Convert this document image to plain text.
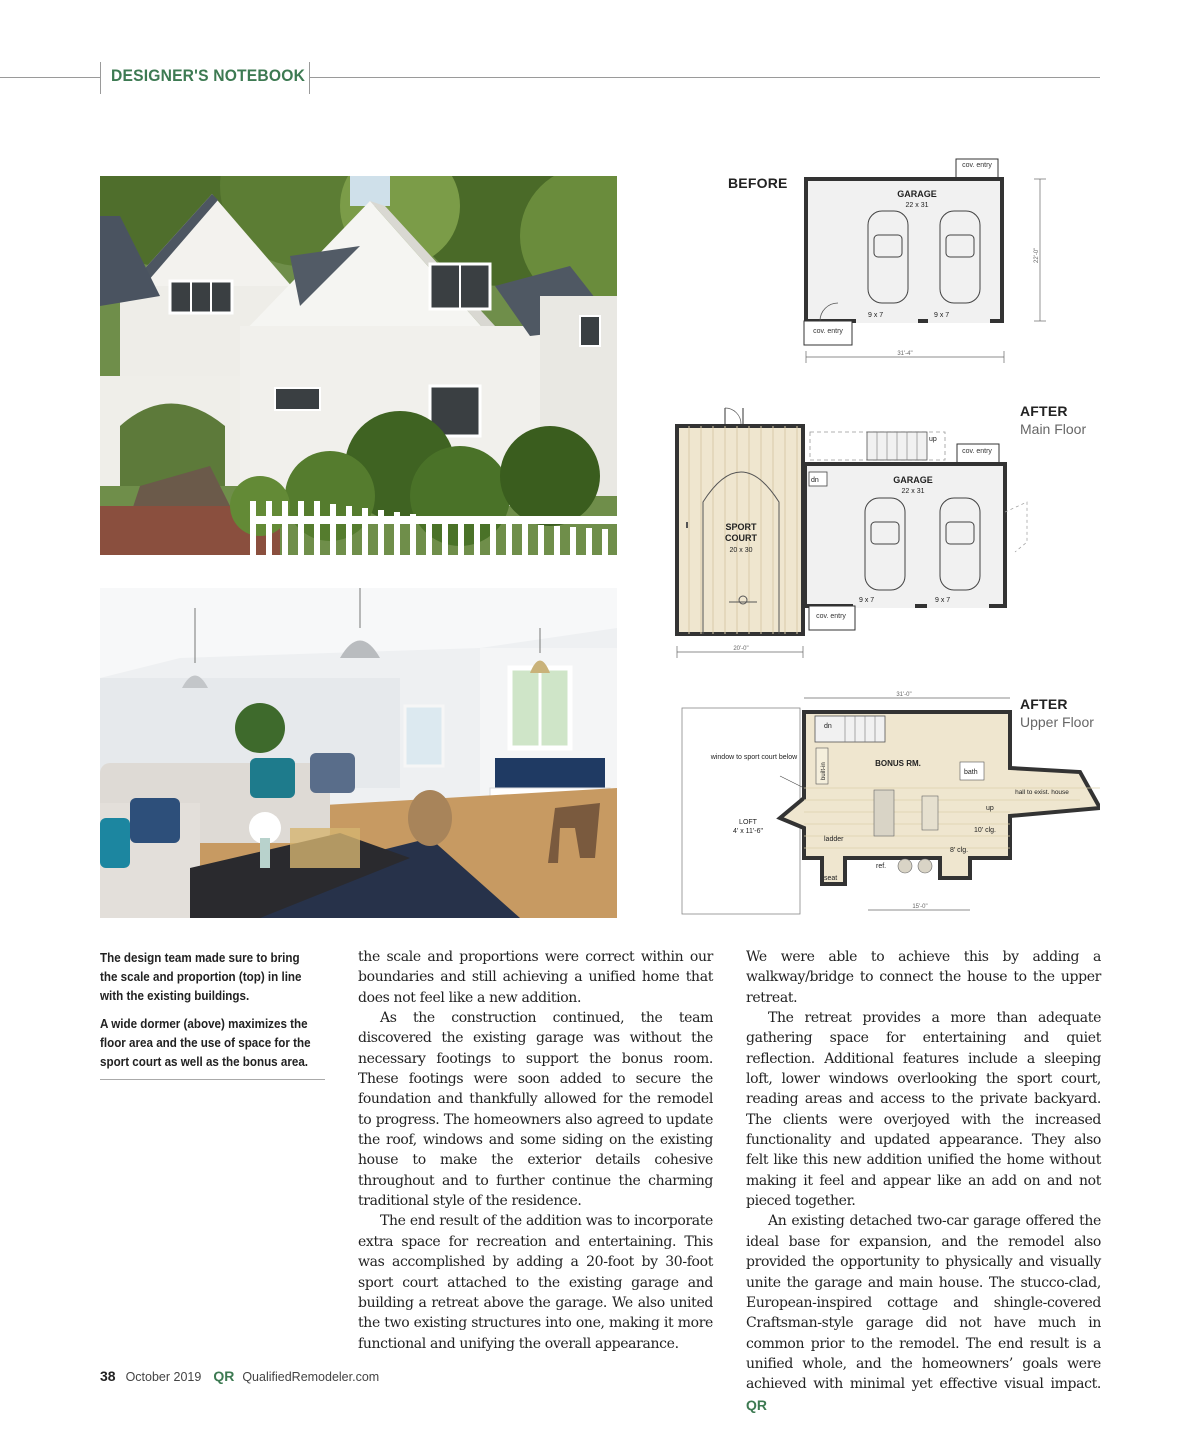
DESIGNER'S NOTEBOOK
BEFORE
cov. entry
GARAGE
22 x 31
9 x 7	9 x 7
cov. entry
31'-4"
22'-0"
AFTER
Main Floor
SPORT
COURT
20 x 30
up
cov. entry
GARAGE
22 x 31
dn
9 x 7	9 x 7
cov. entry
20'-0"
AFTER
Upper Floor
31'-0"
dn
built-in	BONUS RM.
bath
hall to exist. house
up
10' clg.
8' clg.
ref.
ladder
seat
window to sport court below
LOFT
4' x 11'-6"
15'-0"
The design team made sure to bring the scale and proportion (top) in line with the existing buildings.
A wide dormer (above) maximizes the floor area and the use of space for the sport court as well as the bonus area.

the scale and proportions were correct within our boundaries and still achieving a unified home that does not feel like a new addition.

As the construction continued, the team discovered the existing garage was without the necessary footings to support the bonus room. These footings were soon added to secure the foundation and thankfully allowed for the remodel to progress. The homeowners also agreed to update the roof, windows and some siding on the existing house to make the exterior details cohesive throughout and to further continue the charming traditional style of the residence.

The end result of the addition was to incorporate extra space for recreation and entertaining. This was accomplished by adding a 20-foot by 30-foot sport court attached to the existing garage and building a retreat above the garage. We also united the two existing structures into one, making it more functional and unifying the overall appearance.

We were able to achieve this by adding a walkway/bridge to connect the house to the upper retreat.

The retreat provides a more than adequate gathering space for entertaining and quiet reflection. Additional features include a sleeping loft, lower windows overlooking the sport court, reading areas and access to the private backyard. The clients were overjoyed with the increased functionality and updated appearance. They also felt like this new addition unified the home without making it feel and appear like an add on and not pieced together.

An existing detached two-car garage offered the ideal base for expansion, and the remodel also provided the opportunity to physically and visually unite the garage and main house. The stucco-clad, European-inspired cottage and shingle-covered Craftsman-style garage did not have much in common prior to the remodel. The end result is a unified whole, and the homeowners’ goals were achieved with minimal yet effective visual impact. QR

38 October 2019 QR QualifiedRemodeler.com
